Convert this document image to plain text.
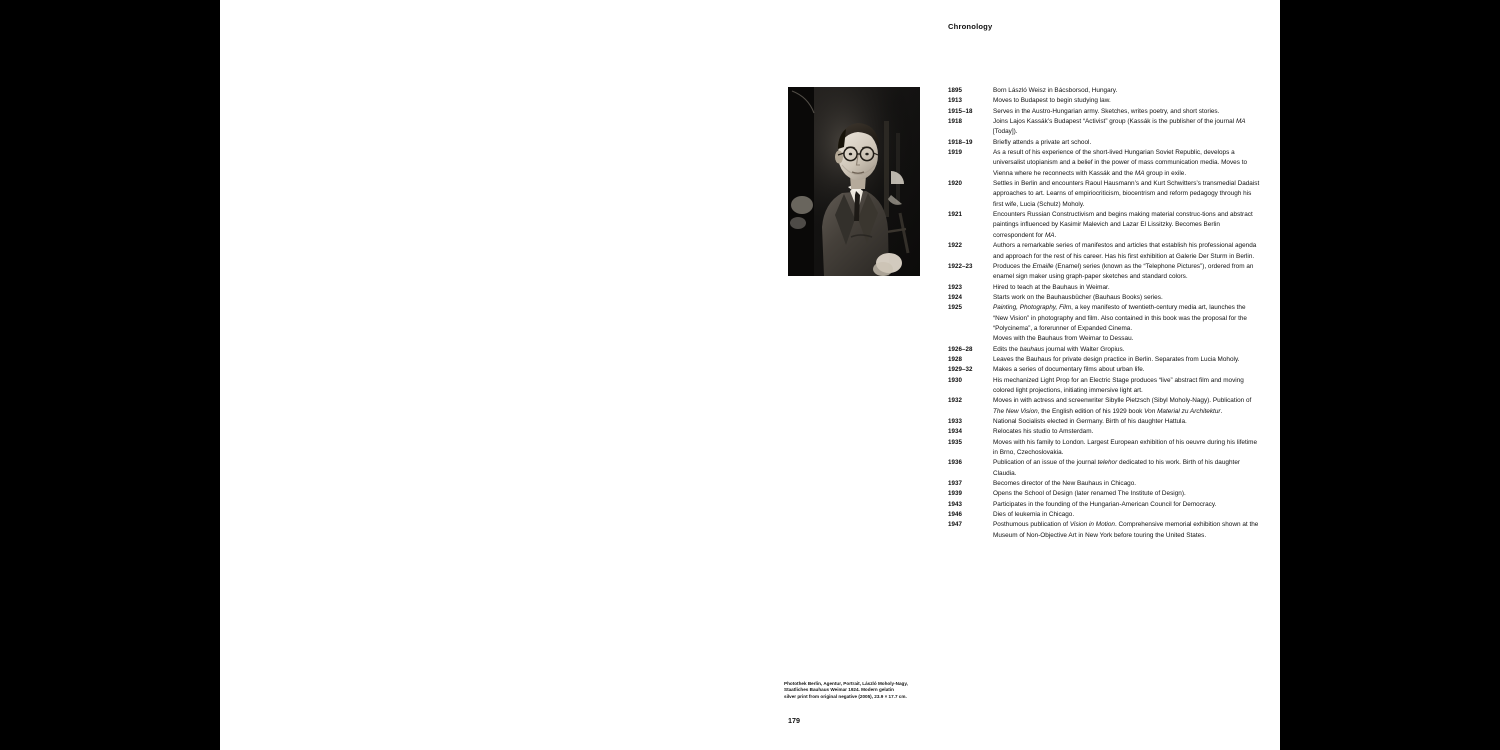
Chronology
Photothek Berlin, Agentur, Portrait, László Moholy-Nagy,
Staatliches Bauhaus Weimar 1924. Modern gelatin
silver print from original negative (2005), 23.9 × 17.7 cm.
179
1895	Born László Weisz in Bácsborsod, Hungary.
1913	Moves to Budapest to begin studying law.
1915–18	Serves in the Austro-Hungarian army. Sketches, writes poetry, and short stories.
1918	Joins Lajos Kassák’s Budapest “Activist” group (Kassák is the publisher of the journal MA [Today]).
1918–19	Briefly attends a private art school.
1919	As a result of his experience of the short-lived Hungarian Soviet Republic, develops a universalist utopianism and a belief in the power of mass communication media. Moves to Vienna where he reconnects with Kassák and the MA group in exile.
1920	Settles in Berlin and encounters Raoul Hausmann’s and Kurt Schwitters’s transmedial Dadaist approaches to art. Learns of empiriocriticism, biocentrism and reform pedagogy through his first wife, Lucia (Schulz) Moholy.
1921	Encounters Russian Constructivism and begins making material construc-tions and abstract paintings influenced by Kasimir Malevich and Lazar El Lissitzky. Becomes Berlin correspondent for MA.
1922	Authors a remarkable series of manifestos and articles that establish his professional agenda and approach for the rest of his career. Has his first exhibition at Galerie Der Sturm in Berlin.
1922–23	Produces the Emaille (Enamel) series (known as the “Telephone Pictures”), ordered from an enamel sign maker using graph-paper sketches and standard colors.
1923	Hired to teach at the Bauhaus in Weimar.
1924	Starts work on the Bauhausbücher (Bauhaus Books) series.
1925	Painting, Photography, Film, a key manifesto of twentieth-century media art, launches the “New Vision” in photography and film. Also contained in this book was the proposal for the “Polycinema”, a forerunner of Expanded Cinema.
Moves with the Bauhaus from Weimar to Dessau.
1926–28	Edits the bauhaus journal with Walter Gropius.
1928	Leaves the Bauhaus for private design practice in Berlin. Separates from Lucia Moholy.
1929–32	Makes a series of documentary films about urban life.
1930	His mechanized Light Prop for an Electric Stage produces “live” abstract film and moving colored light projections, initiating immersive light art.
1932	Moves in with actress and screenwriter Sibylle Pietzsch (Sibyl Moholy-Nagy). Publication of The New Vision, the English edition of his 1929 book Von Material zu Architektur.
1933	National Socialists elected in Germany. Birth of his daughter Hattula.
1934	Relocates his studio to Amsterdam.
1935	Moves with his family to London. Largest European exhibition of his oeuvre during his lifetime in Brno, Czechoslovakia.
1936	Publication of an issue of the journal telehor dedicated to his work. Birth of his daughter Claudia.
1937	Becomes director of the New Bauhaus in Chicago.
1939	Opens the School of Design (later renamed The Institute of Design).
1943	Participates in the founding of the Hungarian-American Council for Democracy.
1946	Dies of leukemia in Chicago.
1947	Posthumous publication of Vision in Motion. Comprehensive memorial exhibition shown at the Museum of Non-Objective Art in New York before touring the United States.
